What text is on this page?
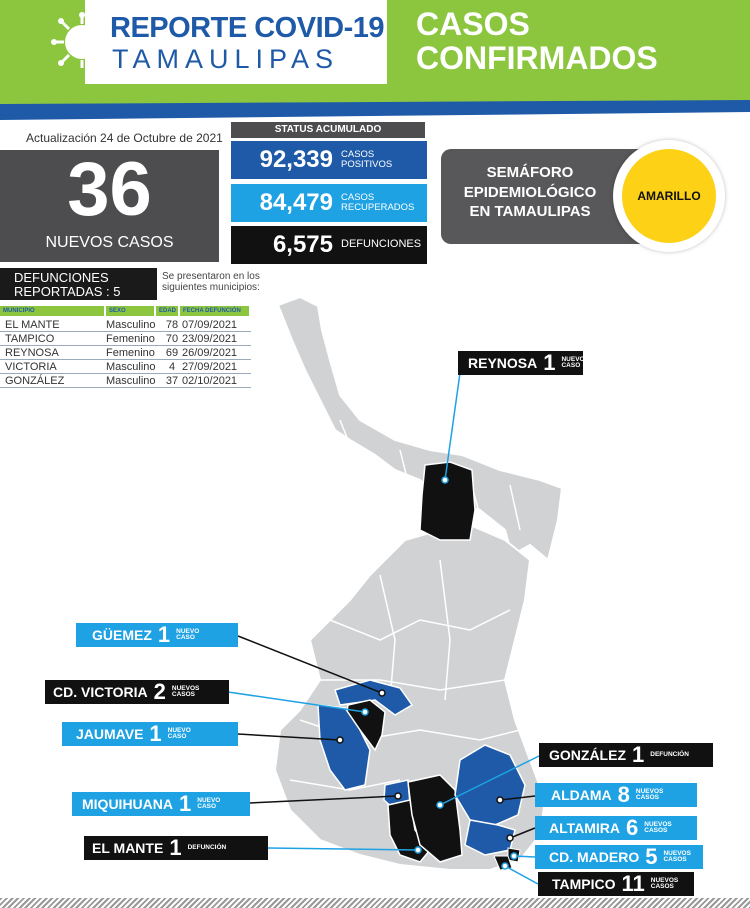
REPORTE COVID-19
TAMAULIPAS
CASOS
CONFIRMADOS
Actualización 24 de Octubre de 2021
36
NUEVOS CASOS
STATUS ACUMULADO
92,339 CASOS
POSITIVOS
84,479 CASOS
RECUPERADOS
6,575 DEFUNCIONES
SEMÁFORO
EPIDEMIOLÓGICO
EN TAMAULIPAS
AMARILLO
DEFUNCIONES
REPORTADAS : 5
Se presentaron en los siguientes municipios:
MUNICIPIO	SEXO	EDAD	FECHA DEFUNCIÓN
EL MANTE	Masculino 78 07/09/2021
TAMPICO	Femenino 70 23/09/2021
REYNOSA	Femenino 69 26/09/2021
VICTORIA	Masculino	4 27/09/2021
GONZÁLEZ	Masculino 37 02/10/2021
REYNOSA 1 NUEVO
CASO
GÜEMEZ 1 NUEVO
CASO
CD. VICTORIA 2 NUEVOS
CASOS
JAUMAVE 1 NUEVO
CASO
MIQUIHUANA 1 NUEVO
CASO
EL MANTE 1 DEFUNCIÓN
GONZÁLEZ 1 DEFUNCIÓN
ALDAMA 8 NUEVOS
CASOS
ALTAMIRA 6 NUEVOS
CASOS
CD. MADERO 5 NUEVOS
CASOS
TAMPICO 11 NUEVOS
CASOS
